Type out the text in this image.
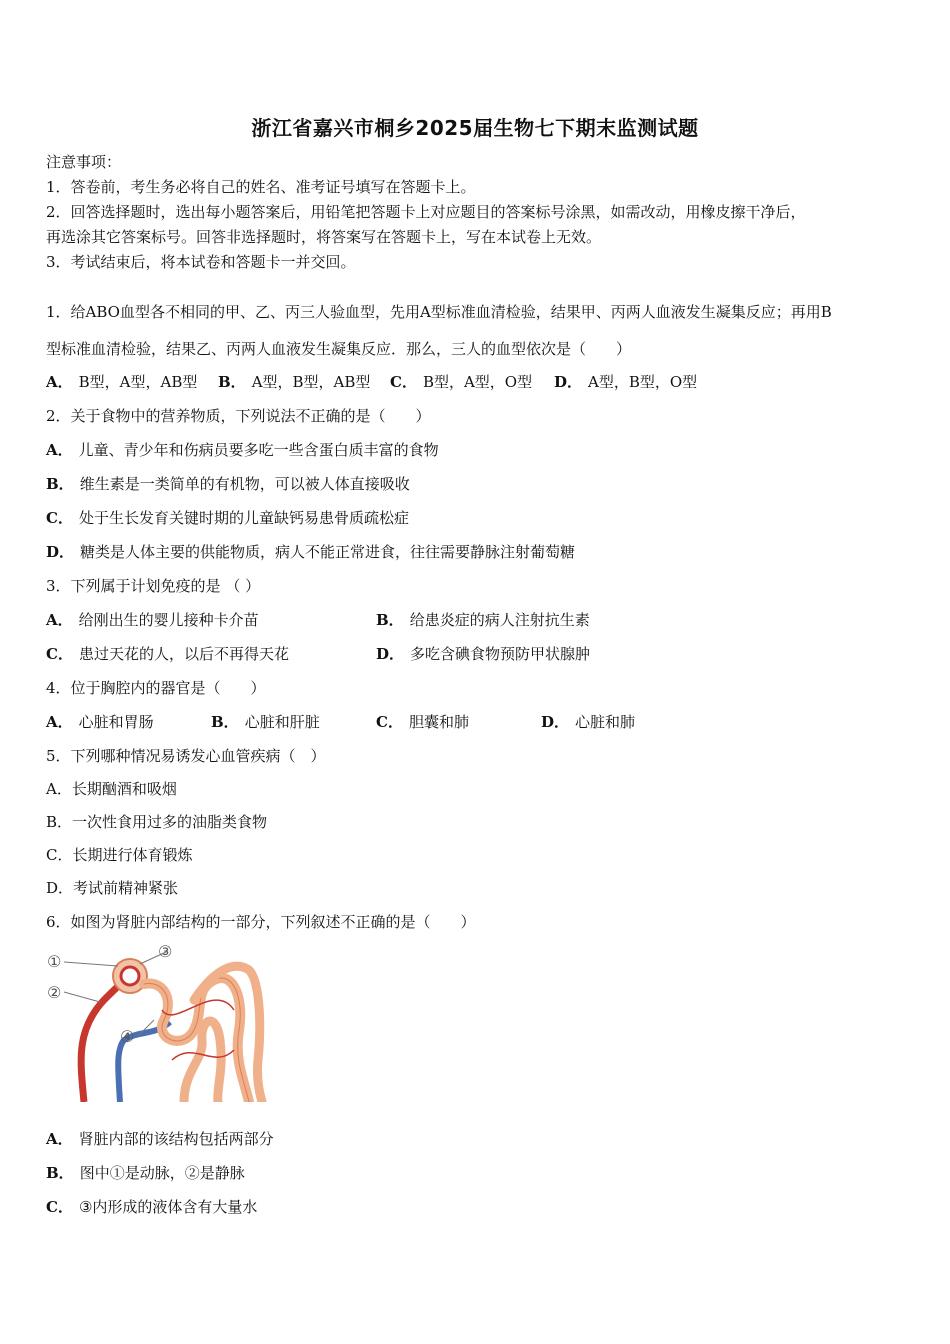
浙江省嘉兴市桐乡2025届生物七下期末监测试题
注意事项：
1．答卷前，考生务必将自己的姓名、准考证号填写在答题卡上。
2．回答选择题时，选出每小题答案后，用铅笔把答题卡上对应题目的答案标号涂黑，如需改动，用橡皮擦干净后，
再选涂其它答案标号。回答非选择题时，将答案写在答题卡上，写在本试卷上无效。
3．考试结束后，将本试卷和答题卡一并交回。
1．给ABO血型各不相同的甲、乙、丙三人验血型，先用A型标准血清检验，结果甲、丙两人血液发生凝集反应；再用B
型标准血清检验，结果乙、丙两人血液发生凝集反应．那么，三人的血型依次是（　　）
A． B型，A型，AB型 B． A型，B型，AB型 C． B型，A型，O型 D． A型，B型，O型
2．关于食物中的营养物质，下列说法不正确的是（　　）
A． 儿童、青少年和伤病员要多吃一些含蛋白质丰富的食物
B． 维生素是一类简单的有机物，可以被人体直接吸收
C． 处于生长发育关键时期的儿童缺钙易患骨质疏松症
D． 糖类是人体主要的供能物质，病人不能正常进食，往往需要静脉注射葡萄糖
3．下列属于计划免疫的是 （ ）
A． 给刚出生的婴儿接种卡介苗	B． 给患炎症的病人注射抗生素
C． 患过天花的人，以后不再得天花	D． 多吃含碘食物预防甲状腺肿
4．位于胸腔内的器官是（　　）
A． 心脏和胃肠	B． 心脏和肝脏	C． 胆囊和肺	D． 心脏和肺
5．下列哪种情况易诱发心血管疾病（　）
A．长期酗酒和吸烟
B．一次性食用过多的油脂类食物
C．长期进行体育锻炼
D．考试前精神紧张
6．如图为肾脏内部结构的一部分，下列叙述不正确的是（　　）
①
②
③
④
A． 肾脏内部的该结构包括两部分
B． 图中①是动脉，②是静脉
C． ③内形成的液体含有大量水
